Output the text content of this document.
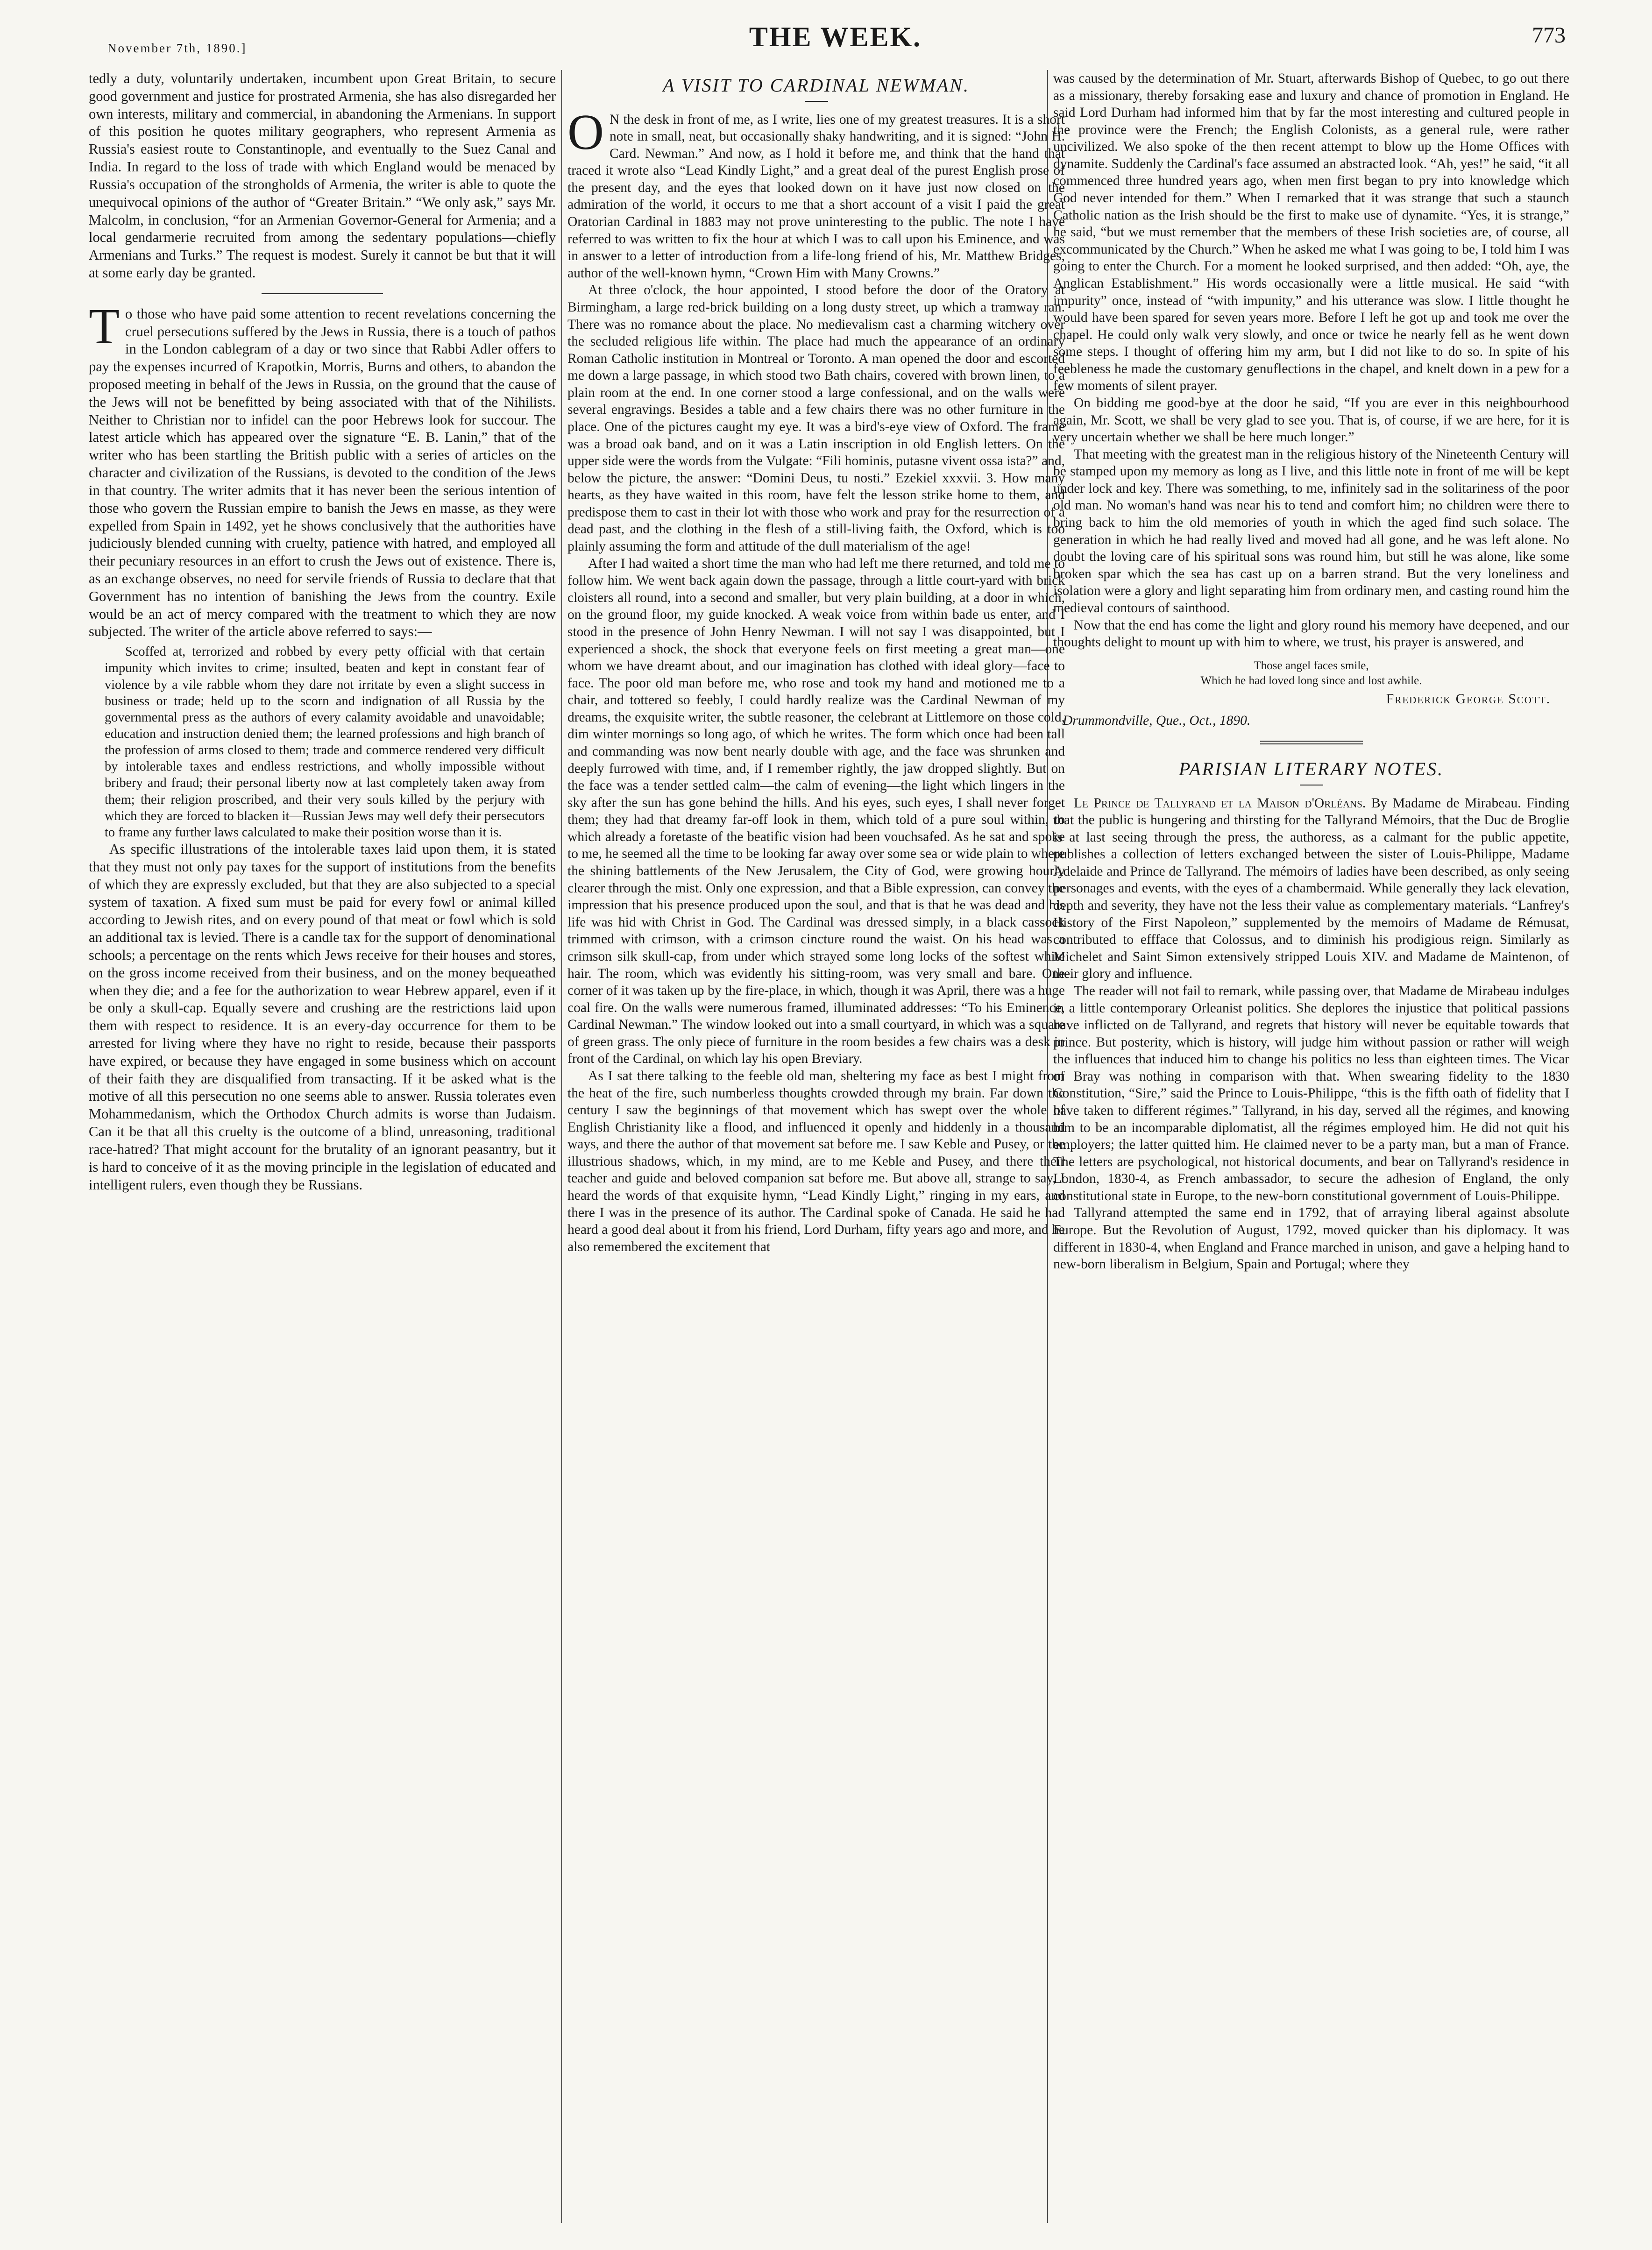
November 7th, 1890.]	THE WEEK.	773

tedly a duty, voluntarily undertaken, incumbent upon Great Britain, to secure good government and justice for prostrated Armenia, she has also disregarded her own interests, military and commercial, in abandoning the Armenians. In support of this position he quotes military geographers, who represent Armenia as Russia's easiest route to Constantinople, and eventually to the Suez Canal and India. In regard to the loss of trade with which England would be menaced by Russia's occupation of the strongholds of Armenia, the writer is able to quote the unequivocal opinions of the author of “Greater Britain.” “We only ask,” says Mr. Malcolm, in conclusion, “for an Armenian Governor-General for Armenia; and a local gendarmerie recruited from among the sedentary populations—chiefly Armenians and Turks.” The request is modest. Surely it cannot be but that it will at some early day be granted.

To those who have paid some attention to recent revelations concerning the cruel persecutions suffered by the Jews in Russia, there is a touch of pathos in the London cablegram of a day or two since that Rabbi Adler offers to pay the expenses incurred of Krapotkin, Morris, Burns and others, to abandon the proposed meeting in behalf of the Jews in Russia, on the ground that the cause of the Jews will not be benefitted by being associated with that of the Nihilists. Neither to Christian nor to infidel can the poor Hebrews look for succour. The latest article which has appeared over the signature “E. B. Lanin,” that of the writer who has been startling the British public with a series of articles on the character and civilization of the Russians, is devoted to the condition of the Jews in that country. The writer admits that it has never been the serious intention of those who govern the Russian empire to banish the Jews en masse, as they were expelled from Spain in 1492, yet he shows conclusively that the authorities have judiciously blended cunning with cruelty, patience with hatred, and employed all their pecuniary resources in an effort to crush the Jews out of existence. There is, as an exchange observes, no need for servile friends of Russia to declare that that Government has no intention of banishing the Jews from the country. Exile would be an act of mercy compared with the treatment to which they are now subjected. The writer of the article above referred to says:—

Scoffed at, terrorized and robbed by every petty official with that certain impunity which invites to crime; insulted, beaten and kept in constant fear of violence by a vile rabble whom they dare not irritate by even a slight success in business or trade; held up to the scorn and indignation of all Russia by the governmental press as the authors of every calamity avoidable and unavoidable; education and instruction denied them; the learned professions and high branch of the profession of arms closed to them; trade and commerce rendered very difficult by intolerable taxes and endless restrictions, and wholly impossible without bribery and fraud; their personal liberty now at last completely taken away from them; their religion proscribed, and their very souls killed by the perjury with which they are forced to blacken it—Russian Jews may well defy their persecutors to frame any further laws calculated to make their position worse than it is.

As specific illustrations of the intolerable taxes laid upon them, it is stated that they must not only pay taxes for the support of institutions from the benefits of which they are expressly excluded, but that they are also subjected to a special system of taxation. A fixed sum must be paid for every fowl or animal killed according to Jewish rites, and on every pound of that meat or fowl which is sold an additional tax is levied. There is a candle tax for the support of denominational schools; a percentage on the rents which Jews receive for their houses and stores, on the gross income received from their business, and on the money bequeathed when they die; and a fee for the authorization to wear Hebrew apparel, even if it be only a skull-cap. Equally severe and crushing are the restrictions laid upon them with respect to residence. It is an every-day occurrence for them to be arrested for living where they have no right to reside, because their passports have expired, or because they have engaged in some business which on account of their faith they are disqualified from transacting. If it be asked what is the motive of all this persecution no one seems able to answer. Russia tolerates even Mohammedanism, which the Orthodox Church admits is worse than Judaism. Can it be that all this cruelty is the outcome of a blind, unreasoning, traditional race-hatred? That might account for the brutality of an ignorant peasantry, but it is hard to conceive of it as the moving principle in the legislation of educated and intelligent rulers, even though they be Russians.

A VISIT TO CARDINAL NEWMAN.

O N the desk in front of me, as I write, lies one of my greatest treasures. It is a short note in small, neat, but occasionally shaky handwriting, and it is signed: “John H. Card. Newman.” And now, as I hold it before me, and think that the hand that traced it wrote also “Lead Kindly Light,” and a great deal of the purest English prose of the present day, and the eyes that looked down on it have just now closed on the admiration of the world, it occurs to me that a short account of a visit I paid the great Oratorian Cardinal in 1883 may not prove uninteresting to the public. The note I have referred to was written to fix the hour at which I was to call upon his Eminence, and was in answer to a letter of introduction from a life-long friend of his, Mr. Matthew Bridges, author of the well-known hymn, “Crown Him with Many Crowns.”

At three o'clock, the hour appointed, I stood before the door of the Oratory at Birmingham, a large red-brick building on a long dusty street, up which a tramway ran. There was no romance about the place. No medievalism cast a charming witchery over the secluded religious life within. The place had much the appearance of an ordinary Roman Catholic institution in Montreal or Toronto. A man opened the door and escorted me down a large passage, in which stood two Bath chairs, covered with brown linen, to a plain room at the end. In one corner stood a large confessional, and on the walls were several engravings. Besides a table and a few chairs there was no other furniture in the place. One of the pictures caught my eye. It was a bird's-eye view of Oxford. The frame was a broad oak band, and on it was a Latin inscription in old English letters. On the upper side were the words from the Vulgate: “Fili hominis, putasne vivent ossa ista?” and, below the picture, the answer: “Domini Deus, tu nosti.” Ezekiel xxxvii. 3. How many hearts, as they have waited in this room, have felt the lesson strike home to them, and predispose them to cast in their lot with those who work and pray for the resurrection of a dead past, and the clothing in the flesh of a still-living faith, the Oxford, which is too plainly assuming the form and attitude of the dull materialism of the age!

After I had waited a short time the man who had left me there returned, and told me to follow him. We went back again down the passage, through a little court-yard with brick cloisters all round, into a second and smaller, but very plain building, at a door in which, on the ground floor, my guide knocked. A weak voice from within bade us enter, and I stood in the presence of John Henry Newman. I will not say I was disappointed, but I experienced a shock, the shock that everyone feels on first meeting a great man—one whom we have dreamt about, and our imagination has clothed with ideal glory—face to face. The poor old man before me, who rose and took my hand and motioned me to a chair, and tottered so feebly, I could hardly realize was the Cardinal Newman of my dreams, the exquisite writer, the subtle reasoner, the celebrant at Littlemore on those cold, dim winter mornings so long ago, of which he writes. The form which once had been tall and commanding was now bent nearly double with age, and the face was shrunken and deeply furrowed with time, and, if I remember rightly, the jaw dropped slightly. But on the face was a tender settled calm—the calm of evening—the light which lingers in the sky after the sun has gone behind the hills. And his eyes, such eyes, I shall never forget them; they had that dreamy far-off look in them, which told of a pure soul within, to which already a foretaste of the beatific vision had been vouchsafed. As he sat and spoke to me, he seemed all the time to be looking far away over some sea or wide plain to where the shining battlements of the New Jerusalem, the City of God, were growing hourly clearer through the mist. Only one expression, and that a Bible expression, can convey the impression that his presence produced upon the soul, and that is that he was dead and his life was hid with Christ in God. The Cardinal was dressed simply, in a black cassock trimmed with crimson, with a crimson cincture round the waist. On his head was a crimson silk skull-cap, from under which strayed some long locks of the softest white hair. The room, which was evidently his sitting-room, was very small and bare. One corner of it was taken up by the fire-place, in which, though it was April, there was a huge coal fire. On the walls were numerous framed, illuminated addresses: “To his Eminence, Cardinal Newman.” The window looked out into a small courtyard, in which was a square of green grass. The only piece of furniture in the room besides a few chairs was a desk in front of the Cardinal, on which lay his open Breviary.

As I sat there talking to the feeble old man, sheltering my face as best I might from the heat of the fire, such numberless thoughts crowded through my brain. Far down the century I saw the beginnings of that movement which has swept over the whole of English Christianity like a flood, and influenced it openly and hiddenly in a thousand ways, and there the author of that movement sat before me. I saw Keble and Pusey, or the illustrious shadows, which, in my mind, are to me Keble and Pusey, and there their teacher and guide and beloved companion sat before me. But above all, strange to say, I heard the words of that exquisite hymn, “Lead Kindly Light,” ringing in my ears, and there I was in the presence of its author. The Cardinal spoke of Canada. He said he had heard a good deal about it from his friend, Lord Durham, fifty years ago and more, and he also remembered the excitement that

was caused by the determination of Mr. Stuart, afterwards Bishop of Quebec, to go out there as a missionary, thereby forsaking ease and luxury and chance of promotion in England. He said Lord Durham had informed him that by far the most interesting and cultured people in the province were the French; the English Colonists, as a general rule, were rather uncivilized. We also spoke of the then recent attempt to blow up the Home Offices with dynamite. Suddenly the Cardinal's face assumed an abstracted look. “Ah, yes!” he said, “it all commenced three hundred years ago, when men first began to pry into knowledge which God never intended for them.” When I remarked that it was strange that such a staunch Catholic nation as the Irish should be the first to make use of dynamite. “Yes, it is strange,” he said, “but we must remember that the members of these Irish societies are, of course, all excommunicated by the Church.” When he asked me what I was going to be, I told him I was going to enter the Church. For a moment he looked surprised, and then added: “Oh, aye, the Anglican Establishment.” His words occasionally were a little musical. He said “with impurity” once, instead of “with impunity,” and his utterance was slow. I little thought he would have been spared for seven years more. Before I left he got up and took me over the chapel. He could only walk very slowly, and once or twice he nearly fell as he went down some steps. I thought of offering him my arm, but I did not like to do so. In spite of his feebleness he made the customary genuflections in the chapel, and knelt down in a pew for a few moments of silent prayer.

On bidding me good-bye at the door he said, “If you are ever in this neighbourhood again, Mr. Scott, we shall be very glad to see you. That is, of course, if we are here, for it is very uncertain whether we shall be here much longer.”

That meeting with the greatest man in the religious history of the Nineteenth Century will be stamped upon my memory as long as I live, and this little note in front of me will be kept under lock and key. There was something, to me, infinitely sad in the solitariness of the poor old man. No woman's hand was near his to tend and comfort him; no children were there to bring back to him the old memories of youth in which the aged find such solace. The generation in which he had really lived and moved had all gone, and he was left alone. No doubt the loving care of his spiritual sons was round him, but still he was alone, like some broken spar which the sea has cast up on a barren strand. But the very loneliness and isolation were a glory and light separating him from ordinary men, and casting round him the medieval contours of sainthood.

Now that the end has come the light and glory round his memory have deepened, and our thoughts delight to mount up with him to where, we trust, his prayer is answered, and

Those angel faces smile,
Which he had loved long since and lost awhile.
Frederick George Scott.
Drummondville, Que., Oct., 1890.
PARISIAN LITERARY NOTES.

Le Prince de Tallyrand et la Maison d'Orléans. By Madame de Mirabeau. Finding that the public is hungering and thirsting for the Tallyrand Mémoirs, that the Duc de Broglie is at last seeing through the press, the authoress, as a calmant for the public appetite, publishes a collection of letters exchanged between the sister of Louis-Philippe, Madame Adelaide and Prince de Tallyrand. The mémoirs of ladies have been described, as only seeing personages and events, with the eyes of a chambermaid. While generally they lack elevation, depth and severity, they have not the less their value as complementary materials. “Lanfrey's History of the First Napoleon,” supplemented by the memoirs of Madame de Rémusat, contributed to effface that Colossus, and to diminish his prodigious reign. Similarly as Michelet and Saint Simon extensively stripped Louis XIV. and Madame de Maintenon, of their glory and influence.

The reader will not fail to remark, while passing over, that Madame de Mirabeau indulges in a little contemporary Orleanist politics. She deplores the injustice that political passions have inflicted on de Tallyrand, and regrets that history will never be equitable towards that prince. But posterity, which is history, will judge him without passion or rather will weigh the influences that induced him to change his politics no less than eighteen times. The Vicar of Bray was nothing in comparison with that. When swearing fidelity to the 1830 Constitution, “Sire,” said the Prince to Louis-Philippe, “this is the fifth oath of fidelity that I have taken to different régimes.” Tallyrand, in his day, served all the régimes, and knowing him to be an incomparable diplomatist, all the régimes employed him. He did not quit his employers; the latter quitted him. He claimed never to be a party man, but a man of France. The letters are psychological, not historical documents, and bear on Tallyrand's residence in London, 1830-4, as French ambassador, to secure the adhesion of England, the only constitutional state in Europe, to the new-born constitutional government of Louis-Philippe.

Tallyrand attempted the same end in 1792, that of arraying liberal against absolute Europe. But the Revolution of August, 1792, moved quicker than his diplomacy. It was different in 1830-4, when England and France marched in unison, and gave a helping hand to new-born liberalism in Belgium, Spain and Portugal; where they
